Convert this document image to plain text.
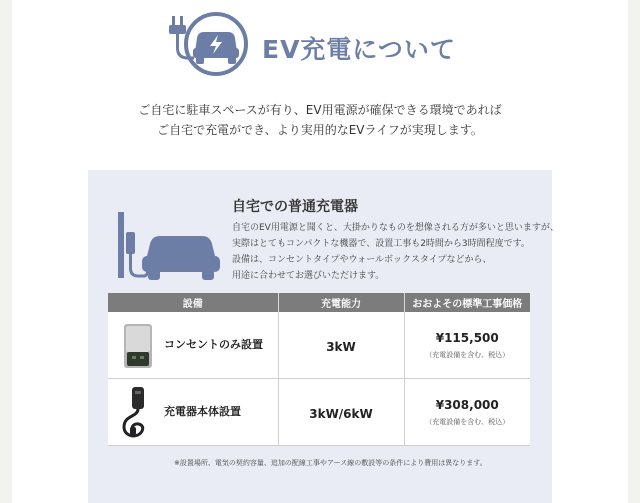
EV充電について
ご自宅に駐車スペースが有り、EV用電源が確保できる環境であれば
ご自宅で充電ができ、より実用的なEVライフが実現します。
自宅での普通充電器
自宅のEV用電源と聞くと、大掛かりなものを想像される方が多いと思いますが、
実際はとてもコンパクトな機器で、設置工事も2時間から3時間程度です。
設備は、コンセントタイプやウォールボックスタイプなどから、
用途に合わせてお選びいただけます。
設備	充電能力	おおよその標準工事価格

コンセントのみ設置	3kW	¥115,500
（充電設備を含む、税込）

充電器本体設置	3kW/6kW	¥308,000
（充電設備を含む、税込）
※設置場所、電気の契約容量、追加の配線工事やアース線の敷設等の条件により費用は異なります。
